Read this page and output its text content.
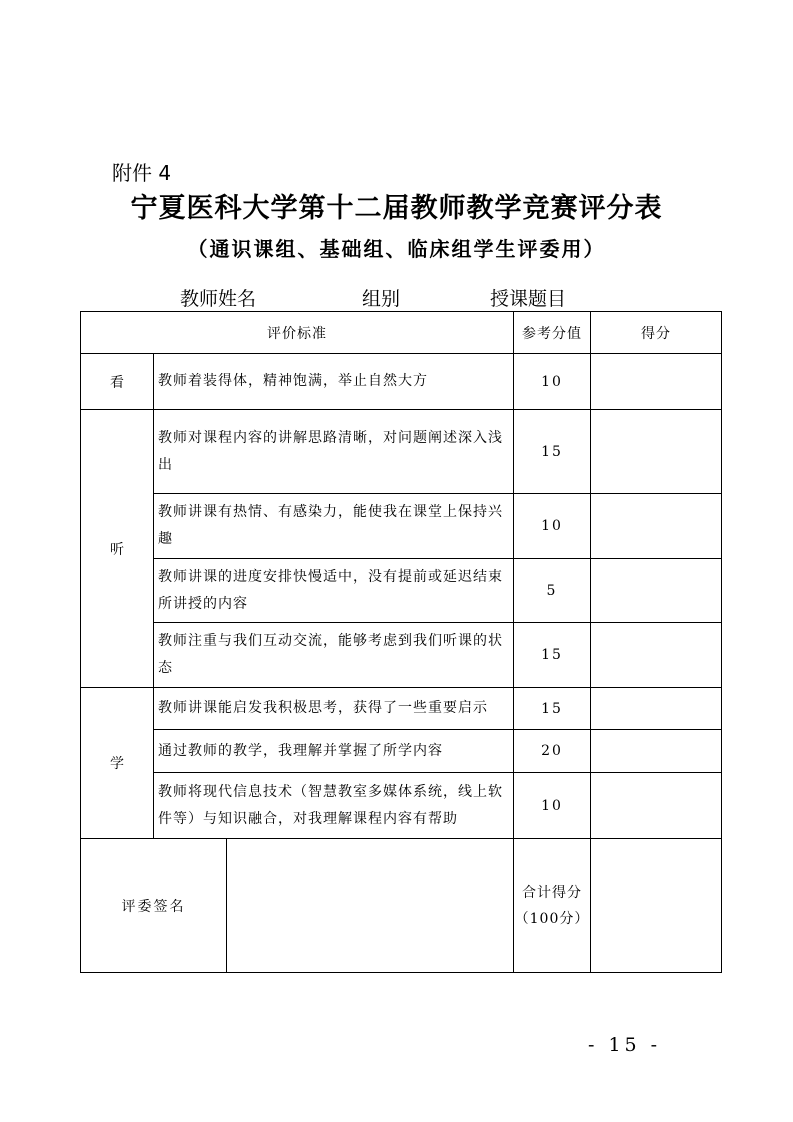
附件 4
宁夏医科大学第十二届教师教学竞赛评分表
（通识课组、基础组、临床组学生评委用）
教师姓名	组别	授课题目
评价标准			参考分值	得分
看	教师着装得体，精神饱满，举止自然大方		10	
听	教师对课程内容的讲解思路清晰，对问题阐述深入浅出		15	
	教师讲课有热情、有感染力，能使我在课堂上保持兴趣		10	
	教师讲课的进度安排快慢适中，没有提前或延迟结束所讲授的内容		5	
	教师注重与我们互动交流，能够考虑到我们听课的状态		15	
学	教师讲课能启发我积极思考，获得了一些重要启示		15	
	通过教师的教学，我理解并掌握了所学内容		20	
	教师将现代信息技术（智慧教室多媒体系统，线上软件等）与知识融合，对我理解课程内容有帮助		10	
评委签名			合计得分
（100分）	

- 15 -
